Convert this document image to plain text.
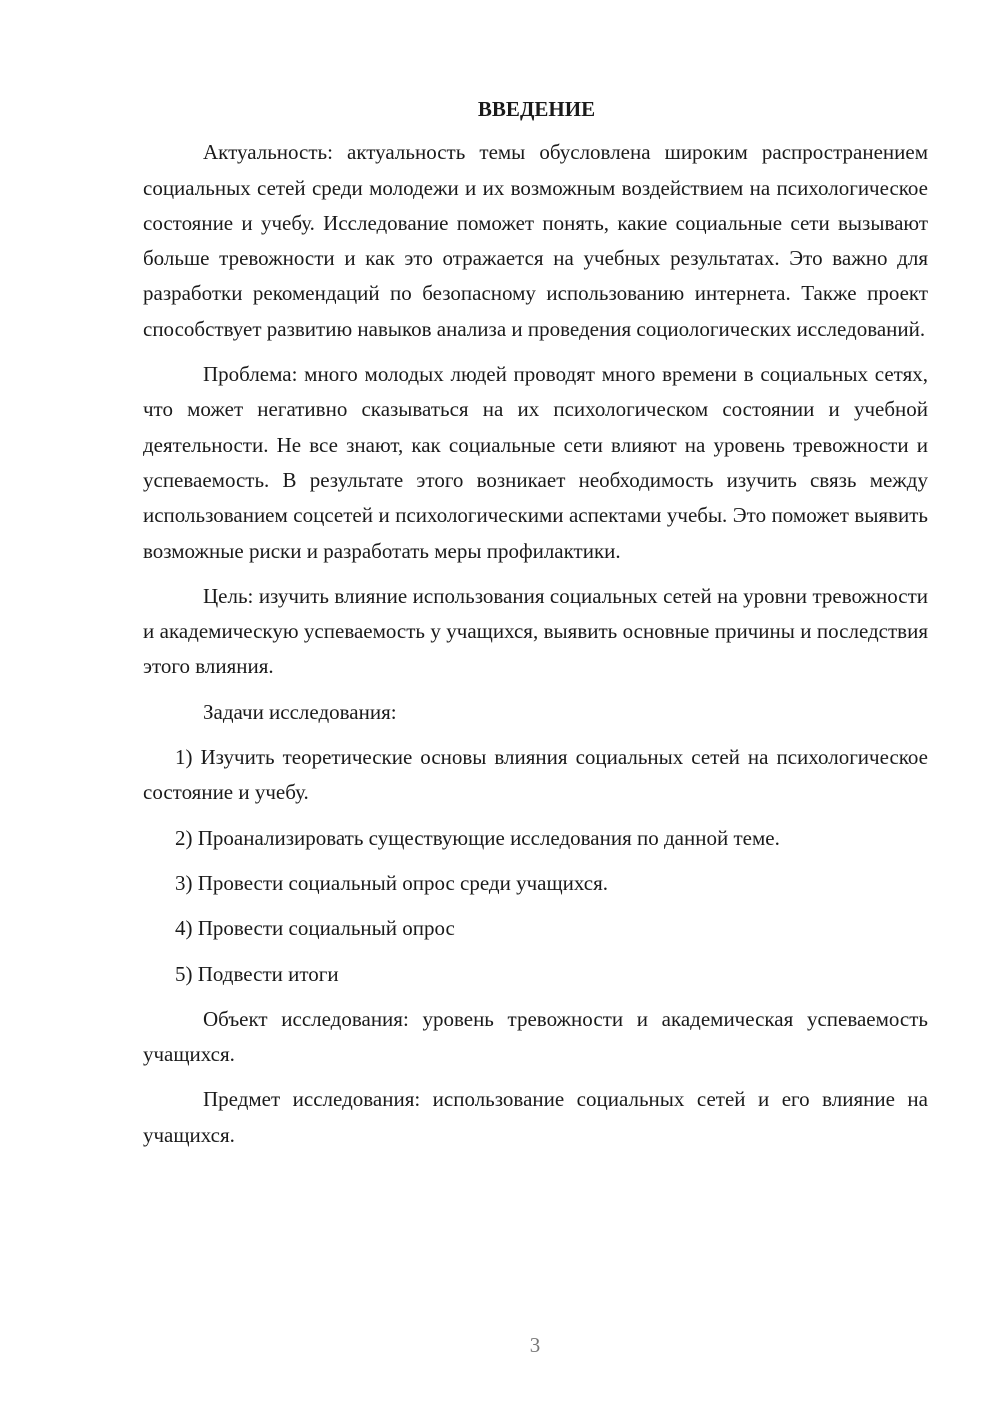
ВВЕДЕНИЕ

Актуальность: актуальность темы обусловлена широким распространением социальных сетей среди молодежи и их возможным воздействием на психологическое состояние и учебу. Исследование поможет понять, какие социальные сети вызывают больше тревожности и как это отражается на учебных результатах. Это важно для разработки рекомендаций по безопасному использованию интернета. Также проект способствует развитию навыков анализа и проведения социологических исследований.

Проблема: много молодых людей проводят много времени в социальных сетях, что может негативно сказываться на их психологическом состоянии и учебной деятельности. Не все знают, как социальные сети влияют на уровень тревожности и успеваемость. В результате этого возникает необходимость изучить связь между использованием соцсетей и психологическими аспектами учебы. Это поможет выявить возможные риски и разработать меры профилактики.

Цель: изучить влияние использования социальных сетей на уровни тревожности и академическую успеваемость у учащихся, выявить основные причины и последствия этого влияния.

Задачи исследования:

1) Изучить теоретические основы влияния социальных сетей на психологическое состояние и учебу.

2) Проанализировать существующие исследования по данной теме.

3) Провести социальный опрос среди учащихся.

4) Провести социальный опрос

5) Подвести итоги

Объект исследования: уровень тревожности и академическая успеваемость учащихся.

Предмет исследования: использование социальных сетей и его влияние на учащихся.

3
